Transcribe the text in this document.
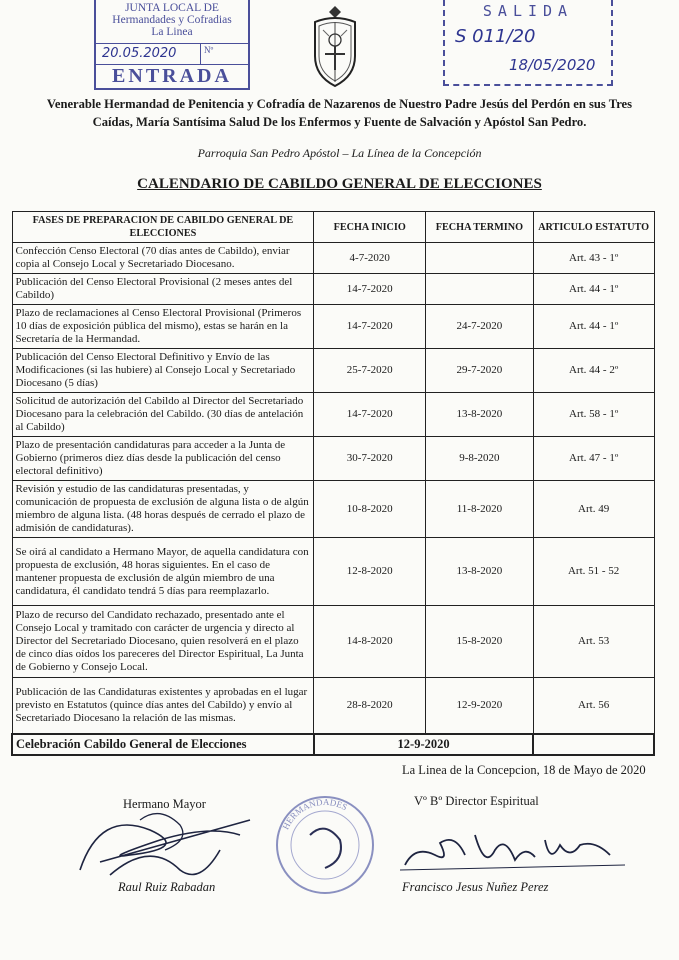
JUNTA LOCAL DE
Hermandades y Cofradias
La Linea
20.05.2020	Nº
ENTRADA
SALIDA
S 011/20
18/05/2020
Venerable Hermandad de Penitencia y Cofradía de Nazarenos de Nuestro Padre Jesús del Perdón en sus Tres Caídas, María Santísima Salud De los Enfermos y Fuente de Salvación y Apóstol San Pedro.
Parroquia San Pedro Apóstol – La Línea de la Concepción
CALENDARIO DE CABILDO GENERAL DE ELECCIONES
FASES DE PREPARACION DE CABILDO GENERAL DE ELECCIONES	FECHA INICIO	FECHA TERMINO	ARTICULO ESTATUTO
Confección Censo Electoral (70 días antes de Cabildo), enviar copia al Consejo Local y Secretariado Diocesano.	4-7-2020		Art. 43 - 1º
Publicación del Censo Electoral Provisional (2 meses antes del Cabildo)	14-7-2020		Art. 44 - 1º
Plazo de reclamaciones al Censo Electoral Provisional (Primeros 10 días de exposición pública del mismo), estas se harán en la Secretaría de la Hermandad.	14-7-2020	24-7-2020	Art. 44 - 1º
Publicación del Censo Electoral Definitivo y Envío de las Modificaciones (si las hubiere) al Consejo Local y Secretariado Diocesano (5 días)	25-7-2020	29-7-2020	Art. 44 - 2º
Solicitud de autorización del Cabildo al Director del Secretariado Diocesano para la celebración del Cabildo. (30 días de antelación al Cabildo)	14-7-2020	13-8-2020	Art. 58 - 1º
Plazo de presentación candidaturas para acceder a la Junta de Gobierno (primeros diez días desde la publicación del censo electoral definitivo)	30-7-2020	9-8-2020	Art. 47 - 1º
Revisión y estudio de las candidaturas presentadas, y comunicación de propuesta de exclusión de alguna lista o de algún miembro de alguna lista. (48 horas después de cerrado el plazo de admisión de candidaturas).	10-8-2020	11-8-2020	Art. 49
Se oirá al candidato a Hermano Mayor, de aquella candidatura con propuesta de exclusión, 48 horas siguientes. En el caso de mantener propuesta de exclusión de algún miembro de una candidatura, él candidato tendrá 5 días para reemplazarlo.	12-8-2020	13-8-2020	Art. 51 - 52
Plazo de recurso del Candidato rechazado, presentado ante el Consejo Local y tramitado con carácter de urgencia y directo al Director del Secretariado Diocesano, quien resolverá en el plazo de cinco días oídos los pareceres del Director Espiritual, La Junta de Gobierno y Consejo Local.	14-8-2020	15-8-2020	Art. 53
Publicación de las Candidaturas existentes y aprobadas en el lugar previsto en Estatutos (quince días antes del Cabildo) y envío al Secretariado Diocesano la relación de las mismas.	28-8-2020	12-9-2020	Art. 56
Celebración Cabildo General de Elecciones	12-9-2020		
La Linea de la Concepcion, 18 de Mayo de 2020
Hermano Mayor	Vº Bº Director Espiritual
HERMANDADES
Raul Ruiz Rabadan	Francisco Jesus Nuñez Perez
